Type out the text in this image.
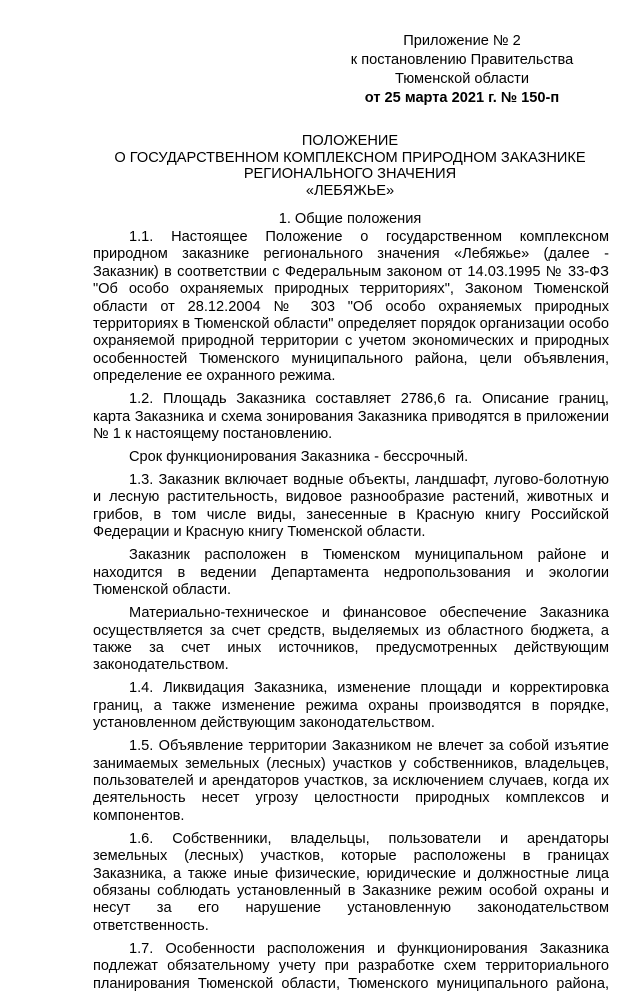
Приложение № 2
к постановлению Правительства
Тюменской области
от 25 марта 2021 г. № 150-п
ПОЛОЖЕНИЕ
О ГОСУДАРСТВЕННОМ КОМПЛЕКСНОМ ПРИРОДНОМ ЗАКАЗНИКЕ
РЕГИОНАЛЬНОГО ЗНАЧЕНИЯ
«ЛЕБЯЖЬЕ»
1. Общие положения

1.1. Настоящее Положение о государственном комплексном природном заказнике регионального значения «Лебяжье» (далее - Заказник) в соответствии с Федеральным законом от 14.03.1995 № 33-ФЗ "Об особо охраняемых природных территориях", Законом Тюменской области от 28.12.2004 № 303 "Об особо охраняемых природных территориях в Тюменской области" определяет порядок организации особо охраняемой природной территории с учетом экономических и природных особенностей Тюменского муниципального района, цели объявления, определение ее охранного режима.

1.2. Площадь Заказника составляет 2786,6 га. Описание границ, карта Заказника и схема зонирования Заказника приводятся в приложении № 1 к настоящему постановлению.

Срок функционирования Заказника - бессрочный.

1.3. Заказник включает водные объекты, ландшафт, лугово-болотную и лесную растительность, видовое разнообразие растений, животных и грибов, в том числе виды, занесенные в Красную книгу Российской Федерации и Красную книгу Тюменской области.

Заказник расположен в Тюменском муниципальном районе и находится в ведении Департамента недропользования и экологии Тюменской области.

Материально-техническое и финансовое обеспечение Заказника осуществляется за счет средств, выделяемых из областного бюджета, а также за счет иных источников, предусмотренных действующим законодательством.

1.4. Ликвидация Заказника, изменение площади и корректировка границ, а также изменение режима охраны производятся в порядке, установленном действующим законодательством.

1.5. Объявление территории Заказником не влечет за собой изъятие занимаемых земельных (лесных) участков у собственников, владельцев, пользователей и арендаторов участков, за исключением случаев, когда их деятельность несет угрозу целостности природных комплексов и компонентов.

1.6. Собственники, владельцы, пользователи и арендаторы земельных (лесных) участков, которые расположены в границах Заказника, а также иные физические, юридические и должностные лица обязаны соблюдать установленный в Заказнике режим особой охраны и несут за его нарушение установленную законодательством ответственность.

1.7. Особенности расположения и функционирования Заказника подлежат обязательному учету при разработке схем территориального планирования Тюменской области, Тюменского муниципального района,
